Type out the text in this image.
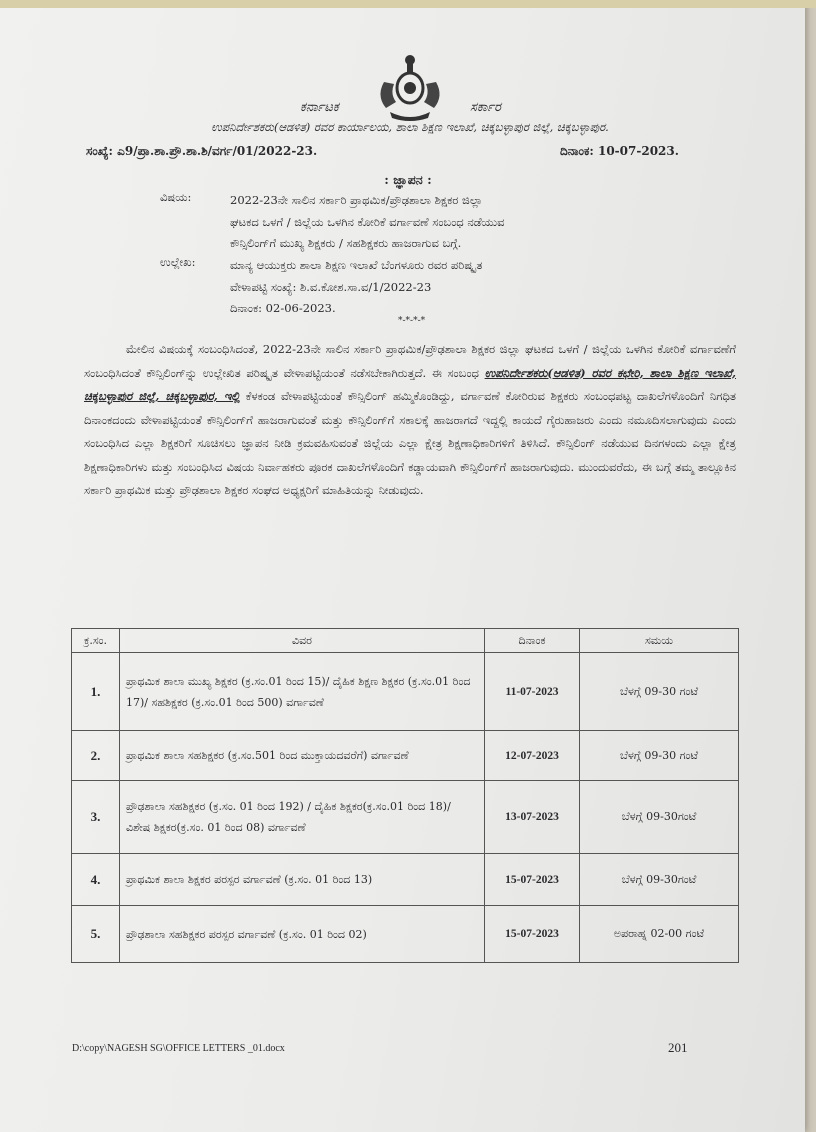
ಕರ್ನಾಟಕ	ಸರ್ಕಾರ
ಉಪನಿರ್ದೇಶಕರು(ಆಡಳಿತ) ರವರ ಕಾರ್ಯಾಲಯ, ಶಾಲಾ ಶಿಕ್ಷಣ ಇಲಾಖೆ, ಚಿಕ್ಕಬಳ್ಳಾಪುರ ಜಿಲ್ಲೆ, ಚಿಕ್ಕಬಳ್ಳಾಪುರ.
ಸಂಖ್ಯೆ: ಎ9/ಪ್ರಾ.ಶಾ.ಪ್ರೌ.ಶಾ.ಶಿ/ವರ್ಗ/01/2022-23.	ದಿನಾಂಕ: 10-07-2023.
: ಜ್ಞಾಪನ :
ವಿಷಯ:	2022-23ನೇ ಸಾಲಿನ ಸರ್ಕಾರಿ ಪ್ರಾಥಮಿಕ/ಪ್ರೌಢಶಾಲಾ ಶಿಕ್ಷಕರ ಜಿಲ್ಲಾ
ಘಟಕದ ಒಳಗೆ / ಜಿಲ್ಲೆಯ ಒಳಗಿನ ಕೋರಿಕೆ ವರ್ಗಾವಣೆ ಸಂಬಂಧ ನಡೆಯುವ
ಕೌನ್ಸಿಲಿಂಗ್‌ಗೆ ಮುಖ್ಯ ಶಿಕ್ಷಕರು / ಸಹಶಿಕ್ಷಕರು ಹಾಜರಾಗುವ ಬಗ್ಗೆ.
ಉಲ್ಲೇಖ:	ಮಾನ್ಯ ಆಯುಕ್ತರು ಶಾಲಾ ಶಿಕ್ಷಣ ಇಲಾಖೆ ಬೆಂಗಳೂರು ರವರ ಪರಿಷ್ಕೃತ
ವೇಳಾಪಟ್ಟಿ ಸಂಖ್ಯೆ: ಶಿ.ವ.ಕೋಶ.ಸಾ.ವ/1/2022-23
ದಿನಾಂಕ: 02-06-2023.
*-*-*-*
ಮೇಲಿನ ವಿಷಯಕ್ಕೆ ಸಂಬಂಧಿಸಿದಂತೆ, 2022-23ನೇ ಸಾಲಿನ ಸರ್ಕಾರಿ ಪ್ರಾಥಮಿಕ/ಪ್ರೌಢಶಾಲಾ ಶಿಕ್ಷಕರ ಜಿಲ್ಲಾ ಘಟಕದ ಒಳಗೆ / ಜಿಲ್ಲೆಯ ಒಳಗಿನ ಕೋರಿಕೆ ವರ್ಗಾವಣೆಗೆ ಸಂಬಂಧಿಸಿದಂತೆ ಕೌನ್ಸಿಲಿಂಗ್‌ನ್ನು ಉಲ್ಲೇಖಿತ ಪರಿಷ್ಕೃತ ವೇಳಾಪಟ್ಟಿಯಂತೆ ನಡೆಸಬೇಕಾಗಿರುತ್ತದೆ. ಈ ಸಂಬಂಧ ಉಪನಿರ್ದೇಶಕರು(ಆಡಳಿತ) ರವರ ಕಛೇರಿ, ಶಾಲಾ ಶಿಕ್ಷಣ ಇಲಾಖೆ, ಚಿಕ್ಕಬಳ್ಳಾಪುರ ಜಿಲ್ಲೆ, ಚಿಕ್ಕಬಳ್ಳಾಪುರ, ಇಲ್ಲಿ ಕೆಳಕಂಡ ವೇಳಾಪಟ್ಟಿಯಂತೆ ಕೌನ್ಸಿಲಿಂಗ್ ಹಮ್ಮಿಕೊಂಡಿದ್ದು, ವರ್ಗಾವಣೆ ಕೋರಿರುವ ಶಿಕ್ಷಕರು ಸಂಬಂಧಪಟ್ಟ ದಾಖಲೆಗಳೊಂದಿಗೆ ನಿಗಧಿತ ದಿನಾಂಕದಂದು ವೇಳಾಪಟ್ಟಿಯಂತೆ ಕೌನ್ಸಿಲಿಂಗ್‌ಗೆ ಹಾಜರಾಗುವಂತೆ ಮತ್ತು ಕೌನ್ಸಿಲಿಂಗ್‌ಗೆ ಸಕಾಲಕ್ಕೆ ಹಾಜರಾಗದೆ ಇದ್ದಲ್ಲಿ ಕಾಯದೆ ಗೈರುಹಾಜರು ಎಂದು ನಮೂದಿಸಲಾಗುವುದು ಎಂದು ಸಂಬಂಧಿಸಿದ ಎಲ್ಲಾ ಶಿಕ್ಷಕರಿಗೆ ಸೂಚಿಸಲು ಜ್ಞಾಪನ ನೀಡಿ ಕ್ರಮವಹಿಸುವಂತೆ ಜಿಲ್ಲೆಯ ಎಲ್ಲಾ ಕ್ಷೇತ್ರ ಶಿಕ್ಷಣಾಧಿಕಾರಿಗಳಿಗೆ ತಿಳಿಸಿದೆ. ಕೌನ್ಸಿಲಿಂಗ್ ನಡೆಯುವ ದಿನಗಳಂದು ಎಲ್ಲಾ ಕ್ಷೇತ್ರ ಶಿಕ್ಷಣಾಧಿಕಾರಿಗಳು ಮತ್ತು ಸಂಬಂಧಿಸಿದ ವಿಷಯ ನಿರ್ವಾಹಕರು ಪೂರಕ ದಾಖಲೆಗಳೊಂದಿಗೆ ಕಡ್ಡಾಯವಾಗಿ ಕೌನ್ಸಿಲಿಂಗ್‌ಗೆ ಹಾಜರಾಗುವುದು. ಮುಂದುವರೆದು, ಈ ಬಗ್ಗೆ ತಮ್ಮ ತಾಲ್ಲೂಕಿನ ಸರ್ಕಾರಿ ಪ್ರಾಥಮಿಕ ಮತ್ತು ಪ್ರೌಢಶಾಲಾ ಶಿಕ್ಷಕರ ಸಂಘದ ಅಧ್ಯಕ್ಷರಿಗೆ ಮಾಹಿತಿಯನ್ನು ನೀಡುವುದು.
ಕ್ರ.ಸಂ.	ವಿವರ	ದಿನಾಂಕ	ಸಮಯ
1.	ಪ್ರಾಥಮಿಕ ಶಾಲಾ ಮುಖ್ಯ ಶಿಕ್ಷಕರ (ಕ್ರ.ಸಂ.01 ರಿಂದ 15)/ ದೈಹಿಕ ಶಿಕ್ಷಣ ಶಿಕ್ಷಕರ (ಕ್ರ.ಸಂ.01 ರಿಂದ 17)/ ಸಹಶಿಕ್ಷಕರ (ಕ್ರ.ಸಂ.01 ರಿಂದ 500) ವರ್ಗಾವಣೆ	11-07-2023	ಬೆಳಗ್ಗೆ 09-30 ಗಂಟೆ
2.	ಪ್ರಾಥಮಿಕ ಶಾಲಾ ಸಹಶಿಕ್ಷಕರ (ಕ್ರ.ಸಂ.501 ರಿಂದ ಮುಕ್ತಾಯದವರೆಗೆ) ವರ್ಗಾವಣೆ	12-07-2023	ಬೆಳಗ್ಗೆ 09-30 ಗಂಟೆ
3.	ಪ್ರೌಢಶಾಲಾ ಸಹಶಿಕ್ಷಕರ (ಕ್ರ.ಸಂ. 01 ರಿಂದ 192) / ದೈಹಿಕ ಶಿಕ್ಷಕರ(ಕ್ರ.ಸಂ.01 ರಿಂದ 18)/ ವಿಶೇಷ ಶಿಕ್ಷಕರ(ಕ್ರ.ಸಂ. 01 ರಿಂದ 08) ವರ್ಗಾವಣೆ	13-07-2023	ಬೆಳಗ್ಗೆ 09-30ಗಂಟೆ
4.	ಪ್ರಾಥಮಿಕ ಶಾಲಾ ಶಿಕ್ಷಕರ ಪರಸ್ಪರ ವರ್ಗಾವಣೆ (ಕ್ರ.ಸಂ. 01 ರಿಂದ 13)	15-07-2023	ಬೆಳಗ್ಗೆ 09-30ಗಂಟೆ
5.	ಪ್ರೌಢಶಾಲಾ ಸಹಶಿಕ್ಷಕರ ಪರಸ್ಪರ ವರ್ಗಾವಣೆ (ಕ್ರ.ಸಂ. 01 ರಿಂದ 02)	15-07-2023	ಅಪರಾಹ್ನ 02-00 ಗಂಟೆ
D:\copy\NAGESH SG\OFFICE LETTERS _01.docx	201
